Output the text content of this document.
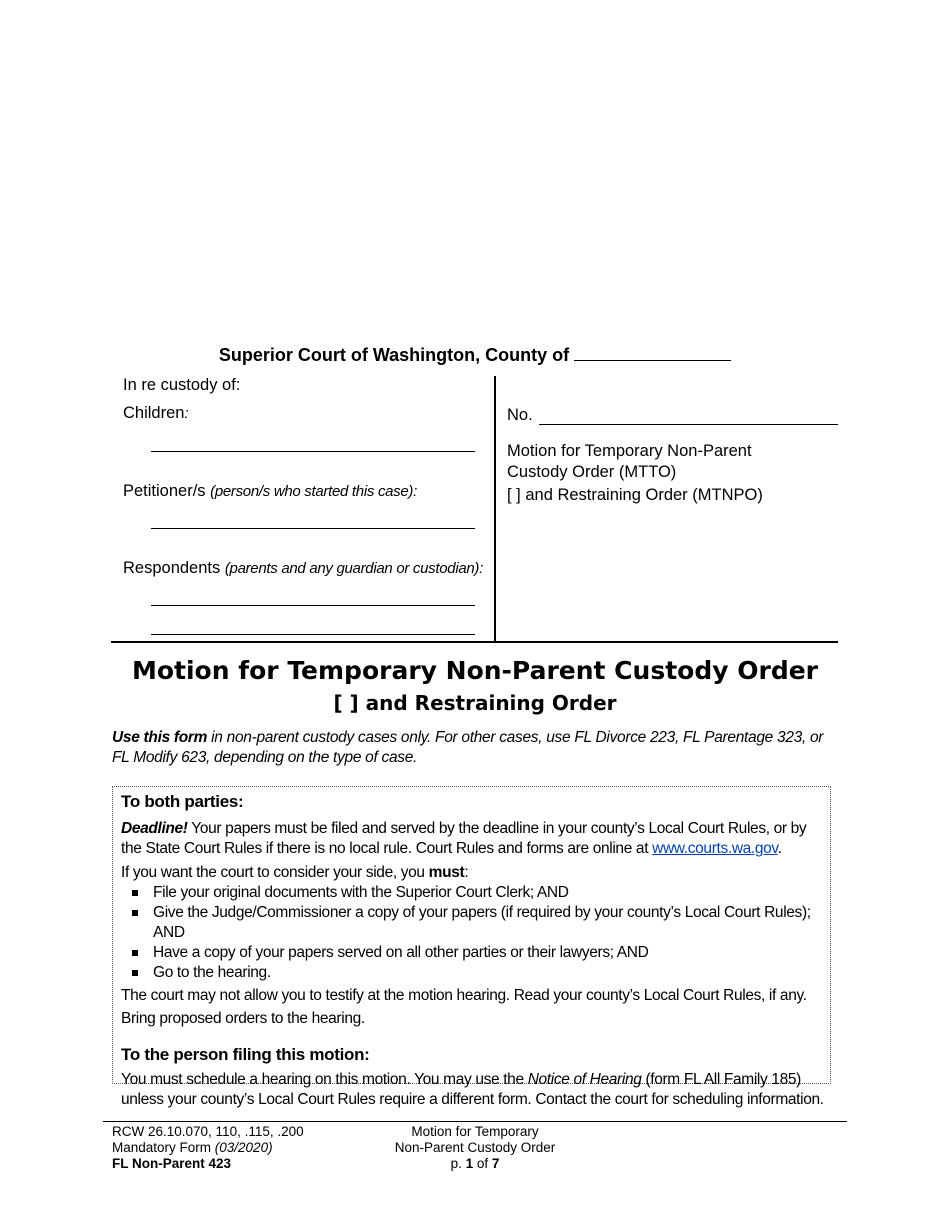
Superior Court of Washington, County of
In re custody of:
Children:
Petitioner/s (person/s who started this case):
Respondents (parents and any guardian or custodian):
No.
Motion for Temporary Non-Parent
Custody Order (MTTO)
[ ] and Restraining Order (MTNPO)
Motion for Temporary Non-Parent Custody Order
[ ] and Restraining Order
Use this form in non-parent custody cases only. For other cases, use FL Divorce 223, FL Parentage 323, or FL Modify 623, depending on the type of case.
To both parties:

Deadline! Your papers must be filed and served by the deadline in your county’s Local Court Rules, or by the State Court Rules if there is no local rule. Court Rules and forms are online at www.courts.wa.gov.

If you want the court to consider your side, you must:

File your original documents with the Superior Court Clerk; AND
Give the Judge/Commissioner a copy of your papers (if required by your county’s Local Court Rules); AND
Have a copy of your papers served on all other parties or their lawyers; AND
Go to the hearing.

The court may not allow you to testify at the motion hearing. Read your county’s Local Court Rules, if any.

Bring proposed orders to the hearing.

To the person filing this motion:

You must schedule a hearing on this motion. You may use the Notice of Hearing (form FL All Family 185) unless your county’s Local Court Rules require a different form. Contact the court for scheduling information.

RCW 26.10.070, 110, .115, .200
Mandatory Form (03/2020)
FL Non-Parent 423
Motion for Temporary
Non-Parent Custody Order
p. 1 of 7
